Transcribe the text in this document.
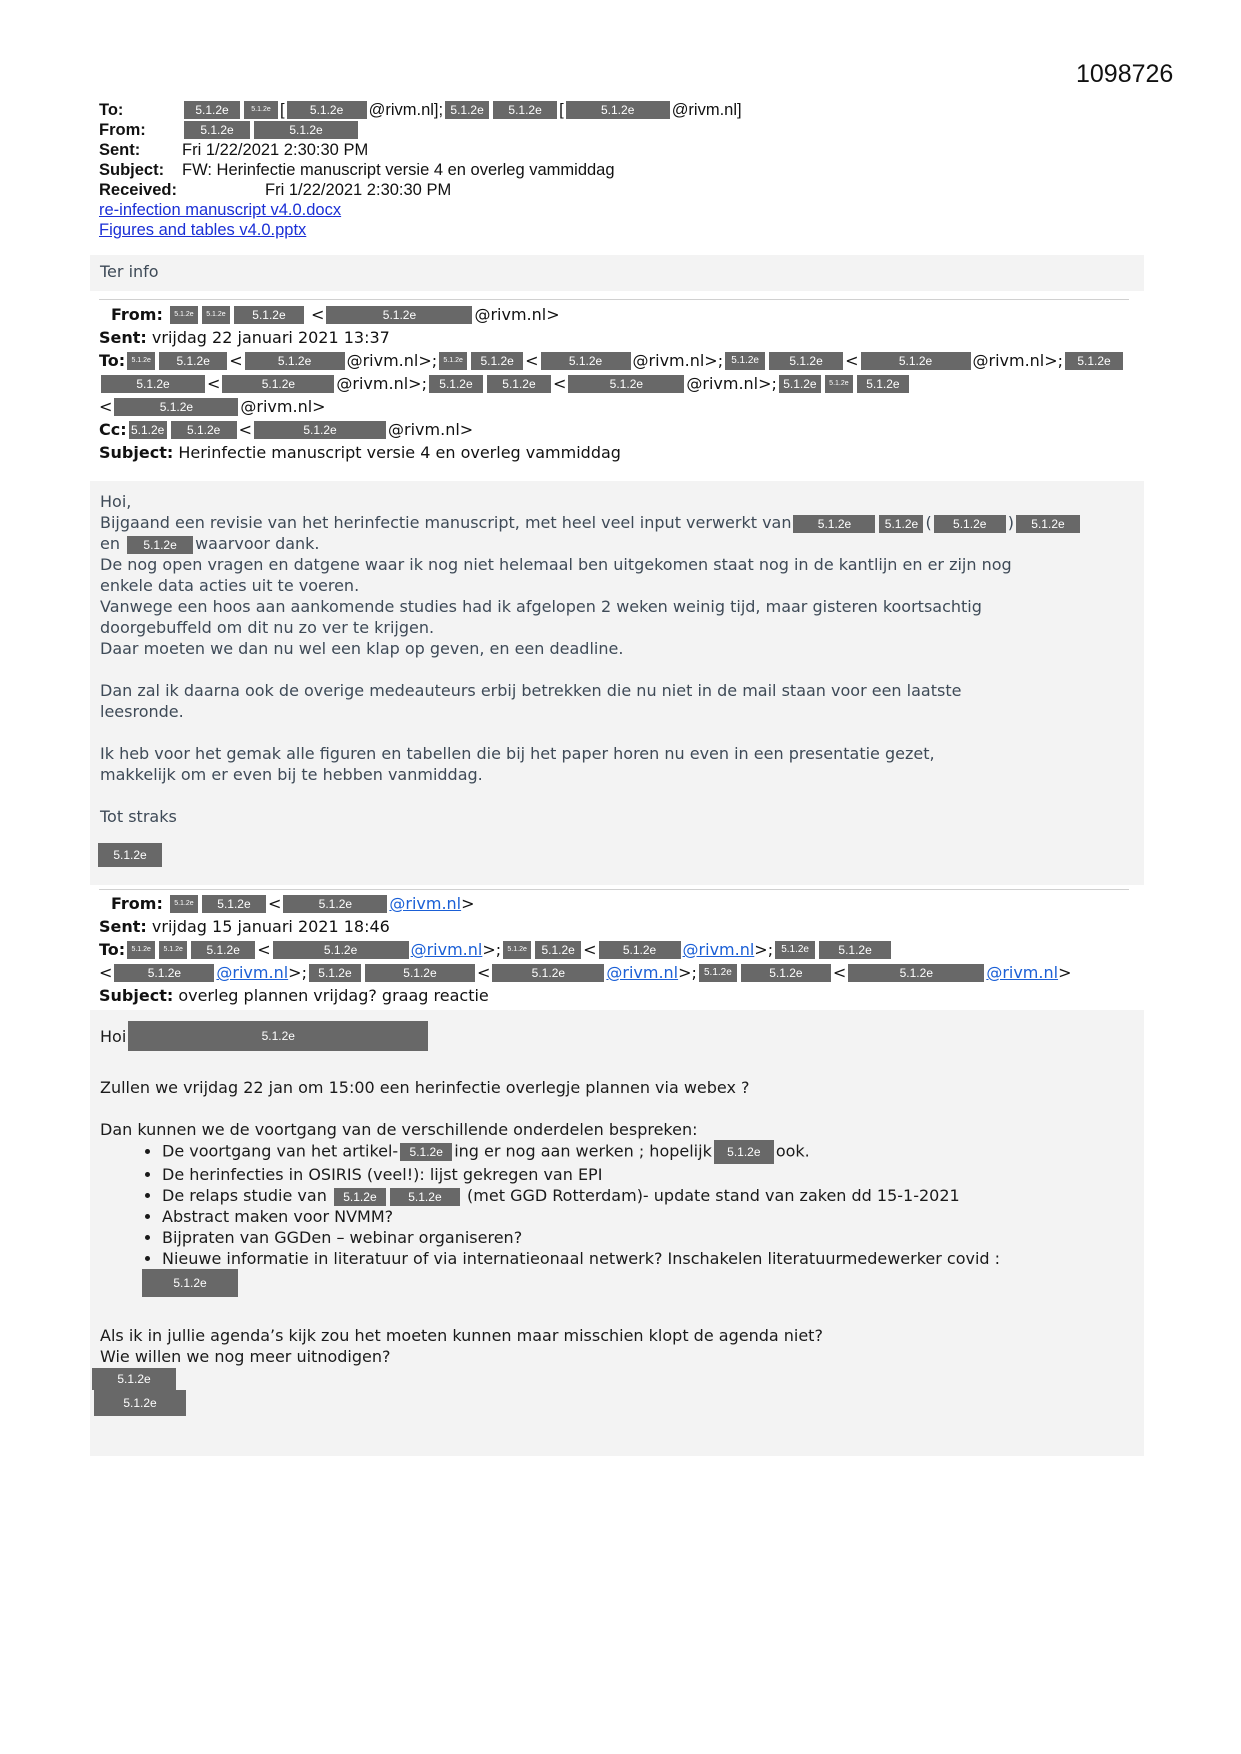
1098726
To:	5.1.2e	5.1.2e [	5.1.2e	@rivm.nl]; 5.1.2e	5.1.2e	[	5.1.2e	@rivm.nl]
From:	5.1.2e	5.1.2e
Sent:	Fri 1/22/2021 2:30:30 PM
Subject:	FW: Herinfectie manuscript versie 4 en overleg vammiddag
Received:	Fri 1/22/2021 2:30:30 PM
re-infection manuscript v4.0.docx
Figures and tables v4.0.pptx
Ter info
From:
	5.1.2e	5.1.2e	5.1.2e	<	5.1.2e	@rivm.nl>
Sent:
vrijdag 22 januari 2021 13:37
To: 5.1.2e	5.1.2e	<	5.1.2e	@rivm.nl>; 5.1.2e	5.1.2e <	5.1.2e	@rivm.nl>; 5.1.2e	5.1.2e	<	5.1.2e	@rivm.nl>;	5.1.2e
5.1.2e	<	5.1.2e	@rivm.nl>;	5.1.2e	5.1.2e	<	5.1.2e	@rivm.nl>; 5.1.2e	5.1.2e	5.1.2e
<	5.1.2e	@rivm.nl>
Cc: 5.1.2e	5.1.2e	<	5.1.2e	@rivm.nl>
Subject:
Herinfectie manuscript versie 4 en overleg vammiddag
Hoi,
Bijgaand een revisie van het herinfectie manuscript, met heel veel input verwerkt van 5.1.2e	5.1.2e ( 5.1.2e ) 5.1.2e
en 5.1.2e waarvoor dank.
De nog open vragen en datgene waar ik nog niet helemaal ben uitgekomen staat nog in de kantlijn en er zijn nog
enkele data acties uit te voeren.
Vanwege een hoos aan aankomende studies had ik afgelopen 2 weken weinig tijd, maar gisteren koortsachtig
doorgebuffeld om dit nu zo ver te krijgen.
Daar moeten we dan nu wel een klap op geven, en een deadline.
Dan zal ik daarna ook de overige medeauteurs erbij betrekken die nu niet in de mail staan voor een laatste
leesronde.
Ik heb voor het gemak alle figuren en tabellen die bij het paper horen nu even in een presentatie gezet,
makkelijk om er even bij te hebben vanmiddag.
Tot straks
5.1.2e
From:
	5.1.2e	5.1.2e	<	5.1.2e	@rivm.nl >
Sent:
vrijdag 15 januari 2021 18:46
To: 5.1.2e	5.1.2e	5.1.2e	<	5.1.2e	@rivm.nl >; 5.1.2e	5.1.2e <	5.1.2e	@rivm.nl >; 5.1.2e	5.1.2e
<	5.1.2e	@rivm.nl >; 5.1.2e	5.1.2e	<	5.1.2e	@rivm.nl >; 5.1.2e	5.1.2e	<	5.1.2e	@rivm.nl >
Subject:
overleg plannen vrijdag? graag reactie
Hoi	5.1.2e
Zullen we vrijdag 22 jan om 15:00 een herinfectie overlegje plannen via webex ?
Dan kunnen we de voortgang van de verschillende onderdelen bespreken:
• De voortgang van het artikel- 5.1.2e ing er nog aan werken ; hopelijk 5.1.2e ook.
• De herinfecties in OSIRIS (veel!): lijst gekregen van EPI
• De relaps studie van 5.1.2e	5.1.2e (met GGD Rotterdam)- update stand van zaken dd 15-1-2021
• Abstract maken voor NVMM?
• Bijpraten van GGDen – webinar organiseren?
• Nieuwe informatie in literatuur of via internatieonaal netwerk? Inschakelen literatuurmedewerker covid :
5.1.2e
Als ik in jullie agenda’s kijk zou het moeten kunnen maar misschien klopt de agenda niet?
Wie willen we nog meer uitnodigen?
5.1.2e
5.1.2e
